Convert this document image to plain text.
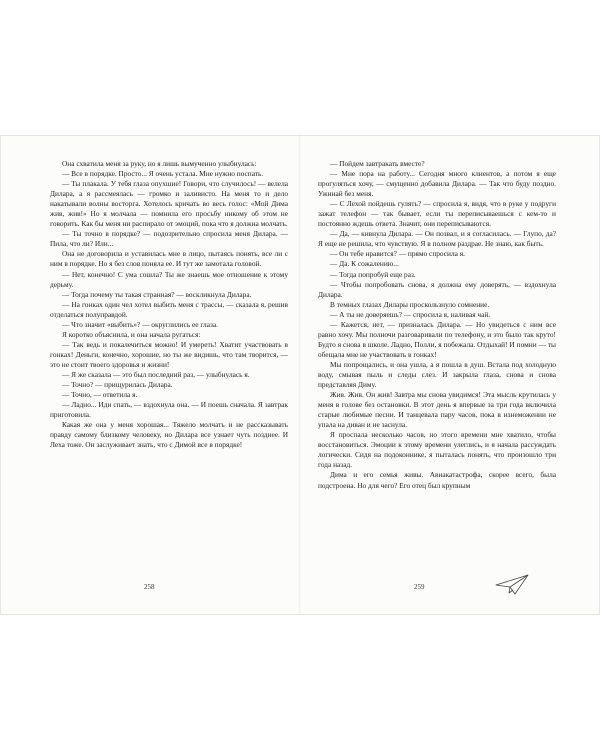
Она схватила меня за руку, но я лишь вымученно улыбнулась:

— Все в порядке. Просто... Я очень устала. Мне нужно поспать.

— Ты плакала. У тебя глаза опухшие! Говори, что случилось! — велела Дилара, а я рассмеялась — громко и заливисто. На меня то и дело накатывали волны восторга. Хотелось кричать во весь голос: «Мой Дима жив, жив!» Но я молчала — помнила его просьбу никому об этом не говорить. Как бы меня ни распирало от эмоций, пока что я должна молчать.

— Ты точно в порядке? — подозрительно спросила меня Дилара. — Пила, что ли? Или...

Она не договорила и уставилась мне в лицо, пытаясь понять, все ли с ним в порядке. Но я без слов поняла ее. И тут же замотала головой.

— Нет, конечно! С ума сошла? Ты же знаешь мое отношение к этому дерьму.

— Тогда почему ты такая странная? — воскликнула Дилара.

— На гонках один чел хотел выбить меня с трассы, — сказала я, решив отделаться полуправдой.

— Что значит «выбить»? — округлились ее глаза.

Я коротко объяснила, и она начала ругаться:

— Так ведь и покалечиться можно! И умереть! Хватит участвовать в гонках! Деньги, конечно, хорошие, но ты же видишь, что там творится, — это не стоит твоего здоровья и жизни!

— Я же сказала — это был последний раз, — улыбнулась я.

— Точно? — прищурилась Дилара.

— Точно, — ответила я.

— Ладно... Иди спать, — вздохнула она. — И поешь сначала. Я завтрак приготовила.

Какая же она у меня хорошая... Тяжело молчать и не рассказывать правду самому близкому человеку, но Дилара все узнает чуть позднее. И Леха тоже. Он заслуживает знать, что с Димой все в порядке!

— Пойдем завтракать вместе?

— Мне пора на работу... Сегодня много клиентов, а потом я еще прогуляться хочу, — смущенно добавила Дилара. — Так что буду поздно. Ужинай без меня.

— С Лехой пойдешь гулять? — спросила я, видя, что в руке у подруги зажат телефон — так бывает, если ты переписываешься с кем-то и постоянно ждешь ответа. Значит, они переписываются.

— Да, — кивнула Дилара. — Он позвал, и я согласилась. — Глупо, да? Я еще не решила, что чувствую. Я в полном раздрае. Не знаю, как быть.

— Он тебе нравится? — прямо спросила я.

— Да. К сожалению...

— Тогда попробуй еще раз.

— Чтобы попробовать снова, я должна ему доверять, — вздохнула Дилара.

В темных глазах Дилары проскользнуло сомнение.

— А ты не доверяешь? — спросила я, наливая чай.

— Кажется, нет, — призналась Дилара. — Но увидеться с ним все равно хочу. Мы полночи разговаривали по телефону, и это было так круто! Будто я снова в школе. Ладно, Полли, я побежала. Отдыхай! И помни — ты обещала мне не участвовать в гонках!

Мы попрощались, и она ушла, а я пошла в душ. Встала под холодную воду, смывая пыль и следы слез. И закрыла глаза, снова и снова представляя Диму.

Жив. Жив. Он жив! Завтра мы снова увидимся! Эта мысль крутилась у меня в голове без остановки. В этот день я впервые за три года включила старые любимые песни. И танцевала пару часов, пока в изнеможении не упала на диван и не заснула.

Я проспала несколько часов, но этого времени мне хватило, чтобы восстановиться. Эмоции к этому времени улеглись, и я начала рассуждать логически. Сидя на подоконнике, я пыталась понять, что произошло три года назад.

Дима и его семья живы. Авиакатастрофа, скорее всего, была подстроена. Но для чего? Его отец был крупным

258	259
